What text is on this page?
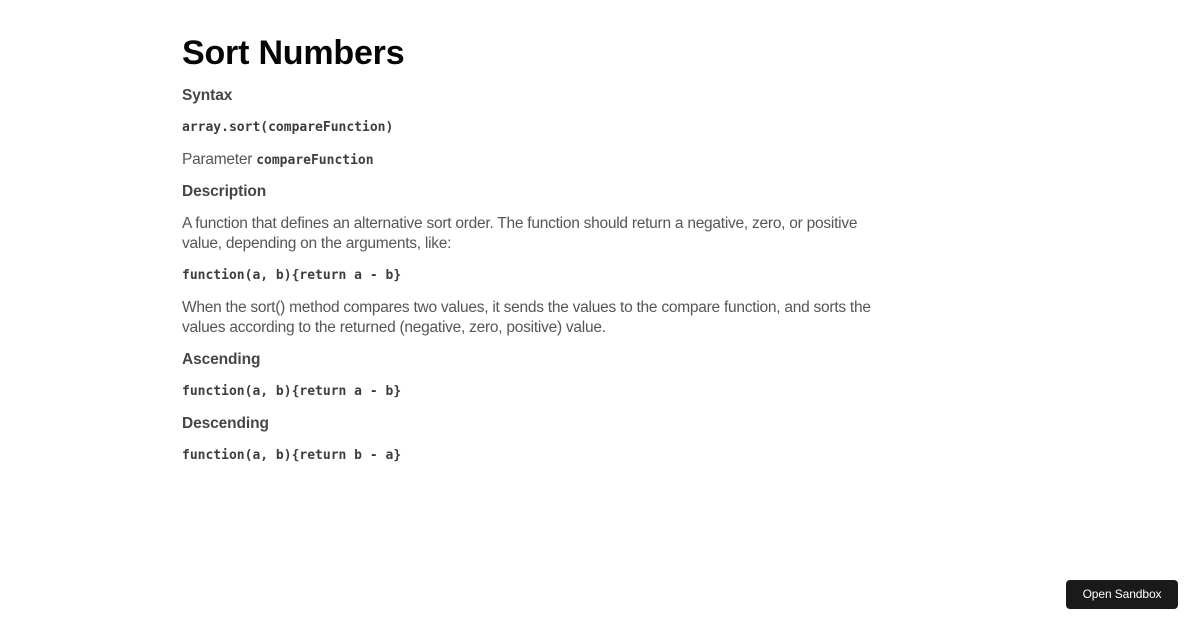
Sort Numbers
Syntax
array.sort(compareFunction)

Parameter compareFunction

Description

A function that defines an alternative sort order. The function should return a negative, zero, or positive value, depending on the arguments, like:

function(a, b){return a - b}

When the sort() method compares two values, it sends the values to the compare function, and sorts the values according to the returned (negative, zero, positive) value.

Ascending
function(a, b){return a - b}
Descending
function(a, b){return b - a}
Open Sandbox
